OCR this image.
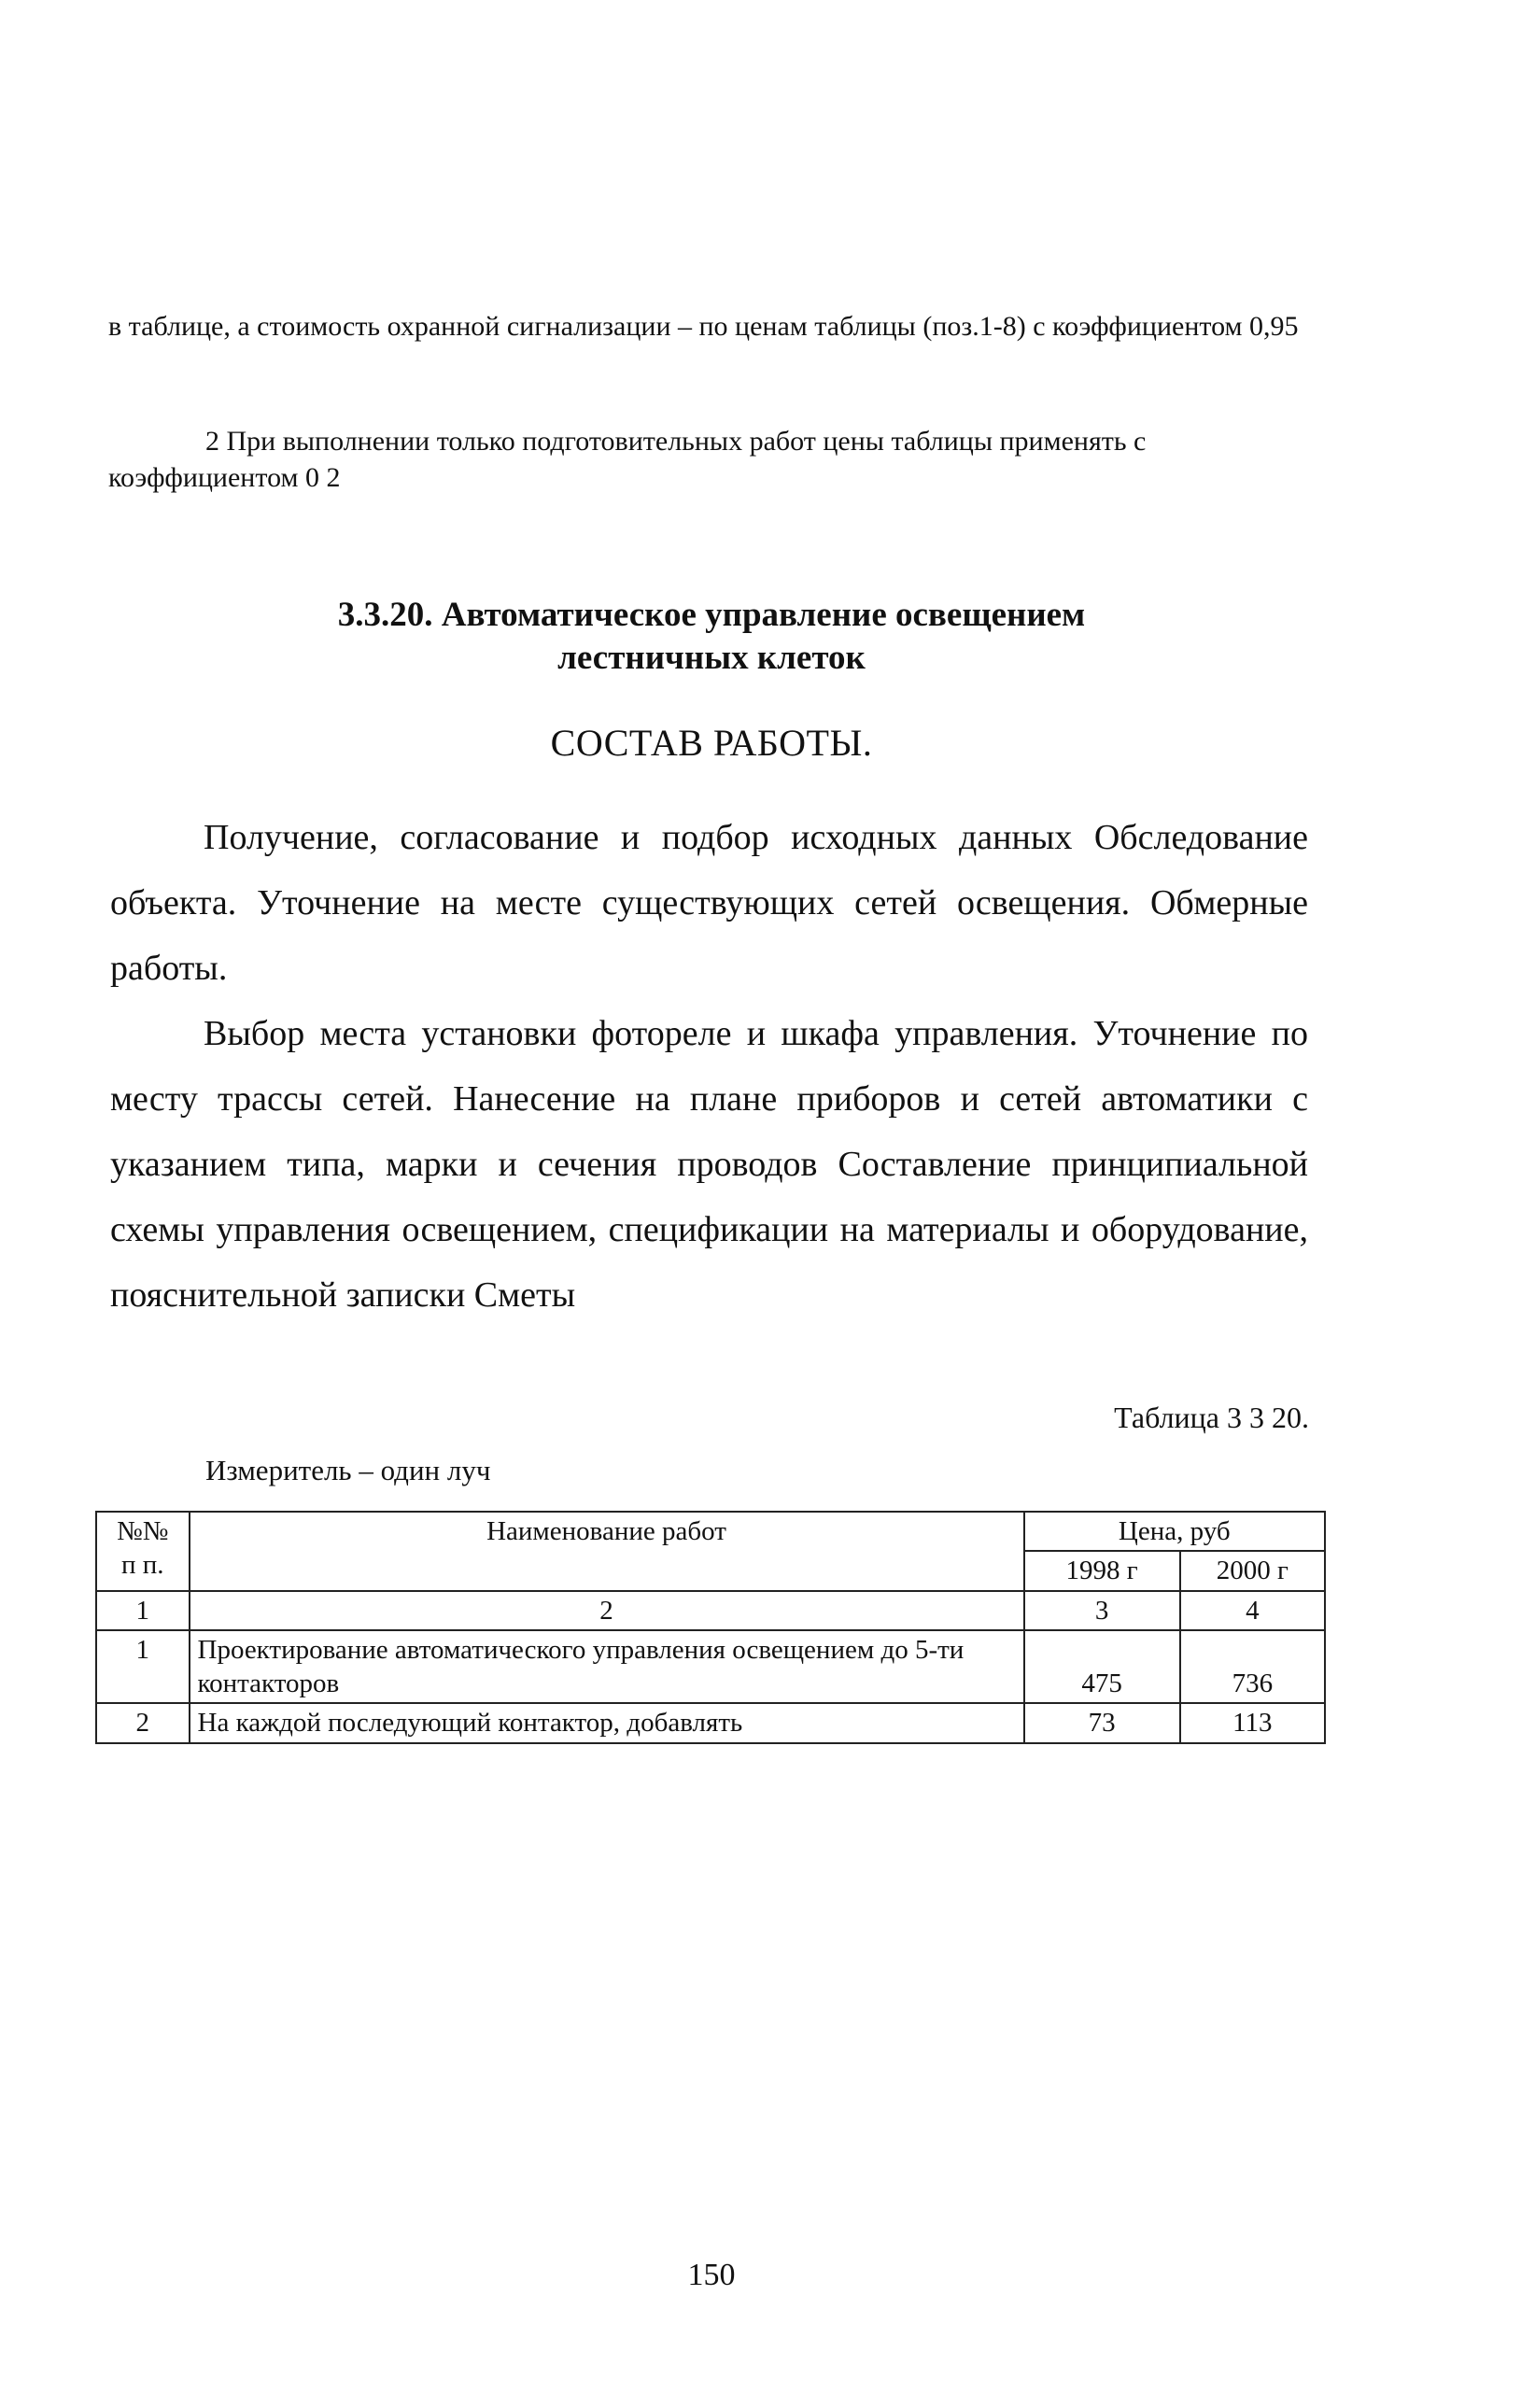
в таблице, а стоимость охранной сигнализации – по ценам таблицы (поз.1-8) с коэффициентом 0,95
2 При выполнении только подготовительных работ цены таблицы применять с коэффициентом 0 2
3.3.20. Автоматическое управление освещением
лестничных клеток
СОСТАВ РАБОТЫ.
Получение, согласование и подбор исходных данных Обследование объекта. Уточнение на месте существующих сетей освещения. Обмерные работы.
Выбор места установки фотореле и шкафа управления. Уточнение по месту трассы сетей. Нанесение на плане приборов и сетей автоматики с указанием типа, марки и сечения проводов Составление принципиальной схемы управления освещением, спецификации на материалы и оборудование, пояснительной записки Сметы
Таблица 3 3 20.
Измеритель – один луч
№№
п п.	Наименование работ	Цена, руб	
		1998 г	2000 г
1	2	3	4
1	Проектирование автоматического управления освещением до 5-ти контакторов	475	736
2	На каждой последующий контактор, добавлять	73	113
150
